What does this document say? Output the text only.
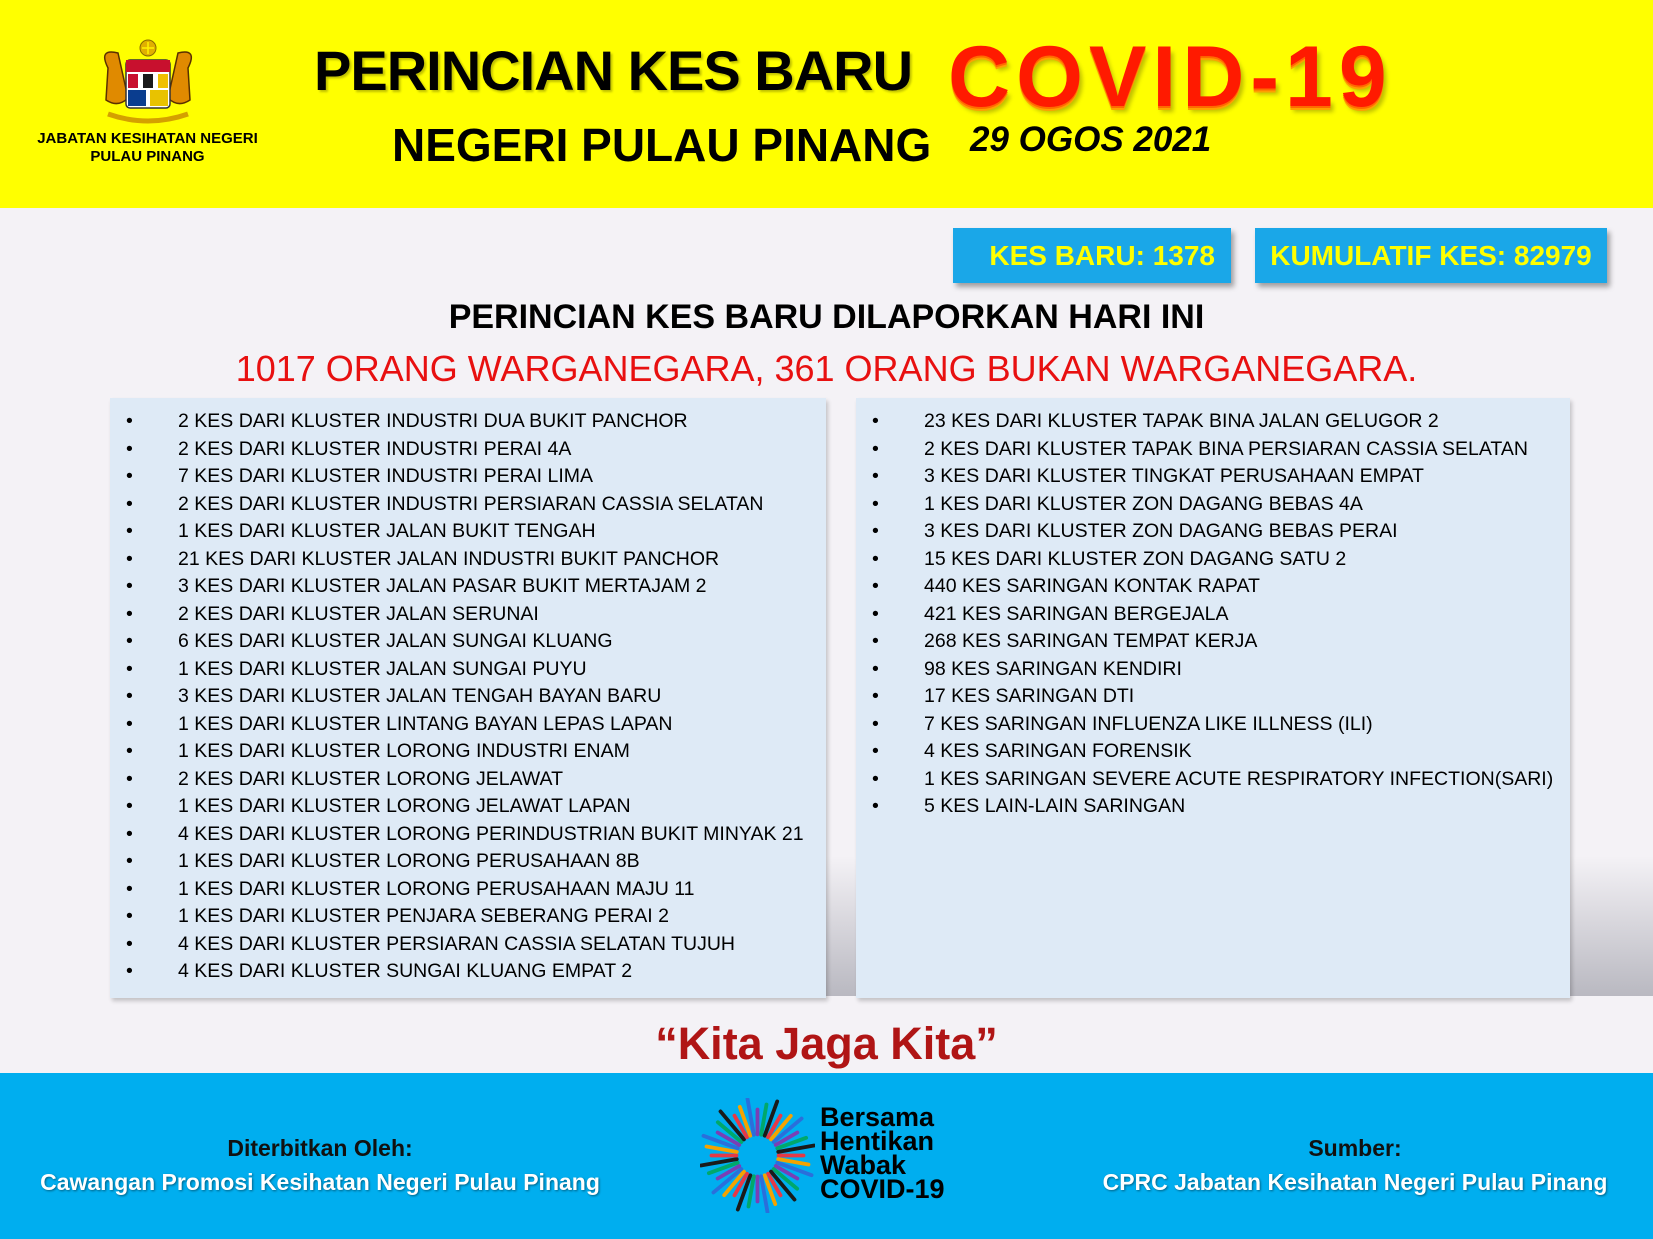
JABATAN KESIHATAN NEGERI PULAU PINANG
PERINCIAN KES BARU COVID-19
NEGERI PULAU PINANG 29 OGOS 2021
KES BARU: 1378	KUMULATIF KES: 82979
PERINCIAN KES BARU DILAPORKAN HARI INI
1017 ORANG WARGANEGARA, 361 ORANG BUKAN WARGANEGARA.
• 2 KES DARI KLUSTER INDUSTRI DUA BUKIT PANCHOR
• 2 KES DARI KLUSTER INDUSTRI PERAI 4A
• 7 KES DARI KLUSTER INDUSTRI PERAI LIMA
• 2 KES DARI KLUSTER INDUSTRI PERSIARAN CASSIA SELATAN
• 1 KES DARI KLUSTER JALAN BUKIT TENGAH
• 21 KES DARI KLUSTER JALAN INDUSTRI BUKIT PANCHOR
• 3 KES DARI KLUSTER JALAN PASAR BUKIT MERTAJAM 2
• 2 KES DARI KLUSTER JALAN SERUNAI
• 6 KES DARI KLUSTER JALAN SUNGAI KLUANG
• 1 KES DARI KLUSTER JALAN SUNGAI PUYU
• 3 KES DARI KLUSTER JALAN TENGAH BAYAN BARU
• 1 KES DARI KLUSTER LINTANG BAYAN LEPAS LAPAN
• 1 KES DARI KLUSTER LORONG INDUSTRI ENAM
• 2 KES DARI KLUSTER LORONG JELAWAT
• 1 KES DARI KLUSTER LORONG JELAWAT LAPAN
• 4 KES DARI KLUSTER LORONG PERINDUSTRIAN BUKIT MINYAK 21
• 1 KES DARI KLUSTER LORONG PERUSAHAAN 8B
• 1 KES DARI KLUSTER LORONG PERUSAHAAN MAJU 11
• 1 KES DARI KLUSTER PENJARA SEBERANG PERAI 2
• 4 KES DARI KLUSTER PERSIARAN CASSIA SELATAN TUJUH
• 4 KES DARI KLUSTER SUNGAI KLUANG EMPAT 2
• 23 KES DARI KLUSTER TAPAK BINA JALAN GELUGOR 2
• 2 KES DARI KLUSTER TAPAK BINA PERSIARAN CASSIA SELATAN
• 3 KES DARI KLUSTER TINGKAT PERUSAHAAN EMPAT
• 1 KES DARI KLUSTER ZON DAGANG BEBAS 4A
• 3 KES DARI KLUSTER ZON DAGANG BEBAS PERAI
• 15 KES DARI KLUSTER ZON DAGANG SATU 2
• 440 KES SARINGAN KONTAK RAPAT
• 421 KES SARINGAN BERGEJALA
• 268 KES SARINGAN TEMPAT KERJA
• 98 KES SARINGAN KENDIRI
• 17 KES SARINGAN DTI
• 7 KES SARINGAN INFLUENZA LIKE ILLNESS (ILI)
• 4 KES SARINGAN FORENSIK
• 1 KES SARINGAN SEVERE ACUTE RESPIRATORY INFECTION(SARI)
• 5 KES LAIN-LAIN SARINGAN
“Kita Jaga Kita”
Diterbitkan Oleh:
Cawangan Promosi Kesihatan Negeri Pulau Pinang
Bersama
Hentikan
Wabak
COVID-19
Sumber:
CPRC Jabatan Kesihatan Negeri Pulau Pinang
